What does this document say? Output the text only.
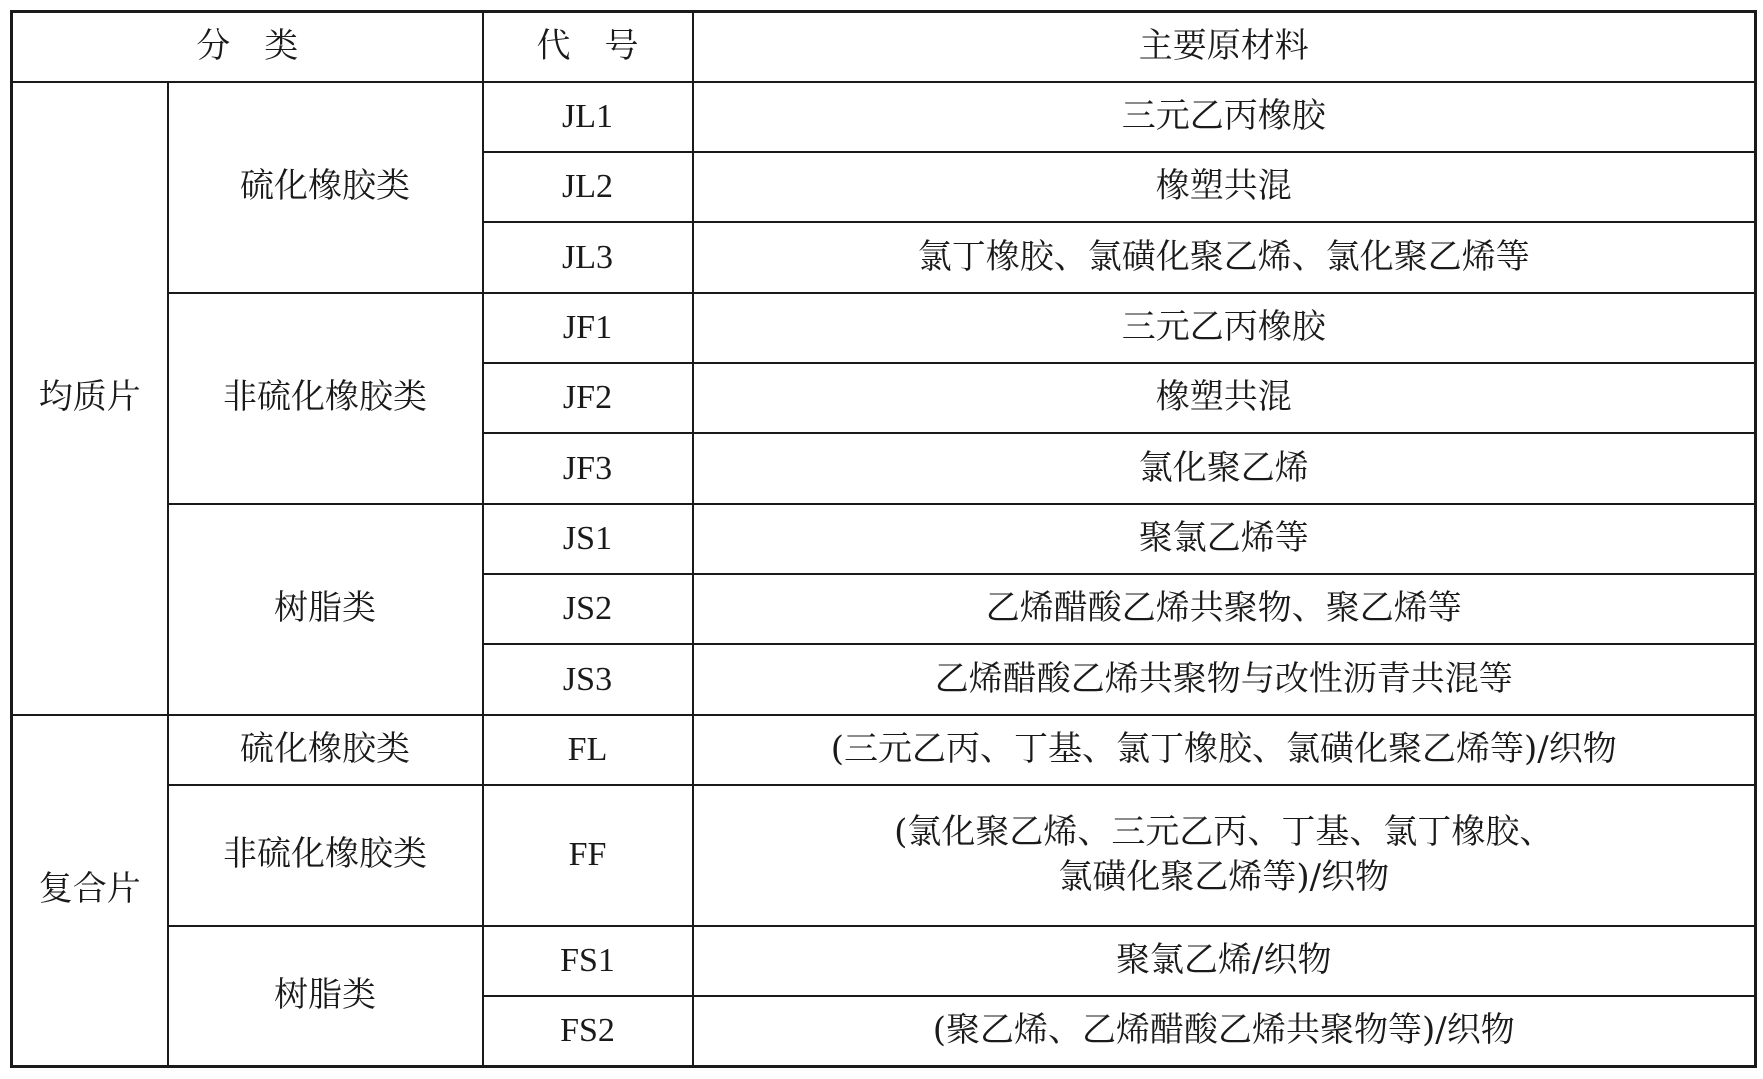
分　类		代　号	主要原材料
均质片	硫化橡胶类	JL1	三元乙丙橡胶
		JL2	橡塑共混
		JL3	氯丁橡胶、氯磺化聚乙烯、氯化聚乙烯等
	非硫化橡胶类	JF1	三元乙丙橡胶
		JF2	橡塑共混
		JF3	氯化聚乙烯
	树脂类	JS1	聚氯乙烯等
		JS2	乙烯醋酸乙烯共聚物、聚乙烯等
		JS3	乙烯醋酸乙烯共聚物与改性沥青共混等
复合片	硫化橡胶类	FL	(三元乙丙、丁基、氯丁橡胶、氯磺化聚乙烯等)/织物
	非硫化橡胶类	FF	(氯化聚乙烯、三元乙丙、丁基、氯丁橡胶、
氯磺化聚乙烯等)/织物

	树脂类	FS1	聚氯乙烯/织物
		FS2	(聚乙烯、乙烯醋酸乙烯共聚物等)/织物
